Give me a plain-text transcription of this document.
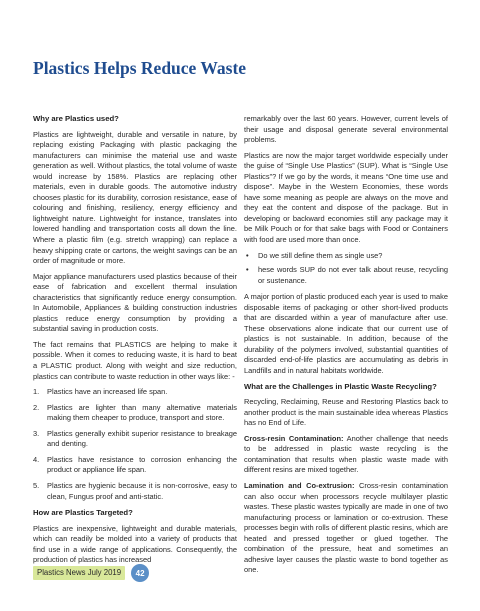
Plastics Helps Reduce Waste
Why are Plastics used?

Plastics are lightweight, durable and versatile in nature, by replacing existing Packaging with plastic packaging the manufacturers can minimise the material use and waste generation as well. Without plastics, the total volume of waste would increase by 158%. Plastics are replacing other materials, even in durable goods. The automotive industry chooses plastic for its durability, corrosion resistance, ease of colouring and finishing, resiliency, energy efficiency and lightweight nature. Lightweight for instance, translates into lowered handling and transportation costs all down the line. Where a plastic film (e.g. stretch wrapping) can replace a heavy shipping crate or cartons, the weight savings can be an order of magnitude or more.

Major appliance manufacturers used plastics because of their ease of fabrication and excellent thermal insulation characteristics that significantly reduce energy consumption. In Automobile, Appliances & building construction industries plastics reduce energy consumption by providing a substantial saving in production costs.

The fact remains that PLASTICS are helping to make it possible. When it comes to reducing waste, it is hard to beat a PLASTIC product. Along with weight and size reduction, plastics can contribute to waste reduction in other ways like: -

1. Plastics have an increased life span.
2. Plastics are lighter than many alternative materials making them cheaper to produce, transport and store.
3. Plastics generally exhibit superior resistance to breakage and denting.
4. Plastics have resistance to corrosion enhancing the product or appliance life span.
5. Plastics are hygienic because it is non-corrosive, easy to clean, Fungus proof and anti-static.
How are Plastics Targeted?

Plastics are inexpensive, lightweight and durable materials, which can readily be molded into a variety of products that find use in a wide range of applications. Consequently, the production of plastics has increased

remarkably over the last 60 years. However, current levels of their usage and disposal generate several environmental problems.

Plastics are now the major target worldwide especially under the guise of “Single Use Plastics” (SUP). What is “Single Use Plastics”? If we go by the words, it means “One time use and dispose”. Maybe in the Western Economies, these words have some meaning as people are always on the move and they eat the content and dispose of the package. But in developing or backward economies still any package may it be Milk Pouch or for that sake bags with Food or Containers with food are used more than once.

• Do we still define them as single use?
• hese words SUP do not ever talk about reuse, recycling or sustenance.

A major portion of plastic produced each year is used to make disposable items of packaging or other short-lived products that are discarded within a year of manufacture after use. These observations alone indicate that our current use of plastics is not sustainable. In addition, because of the durability of the polymers involved, substantial quantities of discarded end-of-life plastics are accumulating as debris in Landfills and in natural habitats worldwide.

What are the Challenges in Plastic Waste Recycling?

Recycling, Reclaiming, Reuse and Restoring Plastics back to another product is the main sustainable idea whereas Plastics has no End of Life.

Cross-resin Contamination: Another challenge that needs to be addressed in plastic waste recycling is the contamination that results when plastic waste made with different resins are mixed together.

Lamination and Co-extrusion: Cross-resin contamination can also occur when processors recycle multilayer plastic wastes. These plastic wastes typically are made in one of two manufacturing process or lamination or co-extrusion. These processes begin with rolls of different plastic resins, which are heated and pressed together or glued together. The combination of the pressure, heat and sometimes an adhesive layer causes the plastic waste to bond together as one.

Plastics News July 2019	42
